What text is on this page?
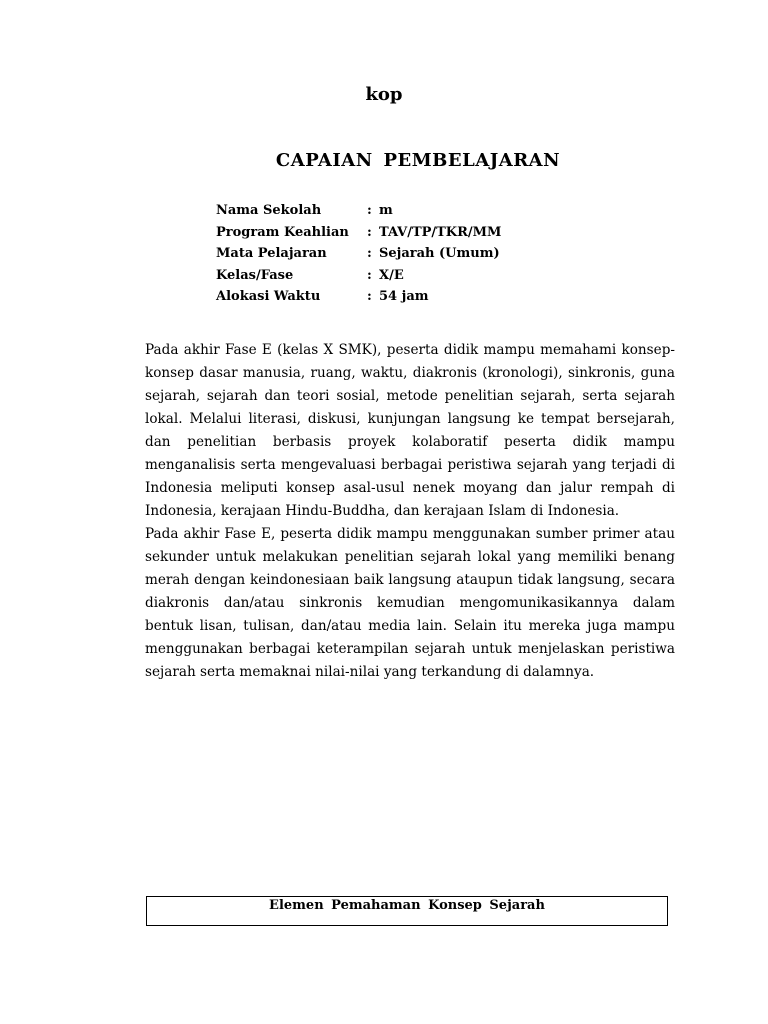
kop
CAPAIAN PEMBELAJARAN
Nama Sekolah	: m
Program Keahlian : TAV/TP/TKR/MM
Mata Pelajaran	: Sejarah (Umum)
Kelas/Fase	: X/E
Alokasi Waktu	: 54 jam

Pada akhir Fase E (kelas X SMK), peserta didik mampu memahami konsep-konsep dasar manusia, ruang, waktu, diakronis (kronologi), sinkronis, guna sejarah, sejarah dan teori sosial, metode penelitian sejarah, serta sejarah lokal. Melalui literasi, diskusi, kunjungan langsung ke tempat bersejarah, dan penelitian berbasis proyek kolaboratif peserta didik mampu menganalisis serta mengevaluasi berbagai peristiwa sejarah yang terjadi di Indonesia meliputi konsep asal-usul nenek moyang dan jalur rempah di Indonesia, kerajaan Hindu-Buddha, dan kerajaan Islam di Indonesia.

Pada akhir Fase E, peserta didik mampu menggunakan sumber primer atau sekunder untuk melakukan penelitian sejarah lokal yang memiliki benang merah dengan keindonesiaan baik langsung ataupun tidak langsung, secara diakronis dan/atau sinkronis kemudian mengomunikasikannya dalam bentuk lisan, tulisan, dan/atau media lain. Selain itu mereka juga mampu menggunakan berbagai keterampilan sejarah untuk menjelaskan peristiwa sejarah serta memaknai nilai-nilai yang terkandung di dalamnya.

Elemen Pemahaman Konsep Sejarah
